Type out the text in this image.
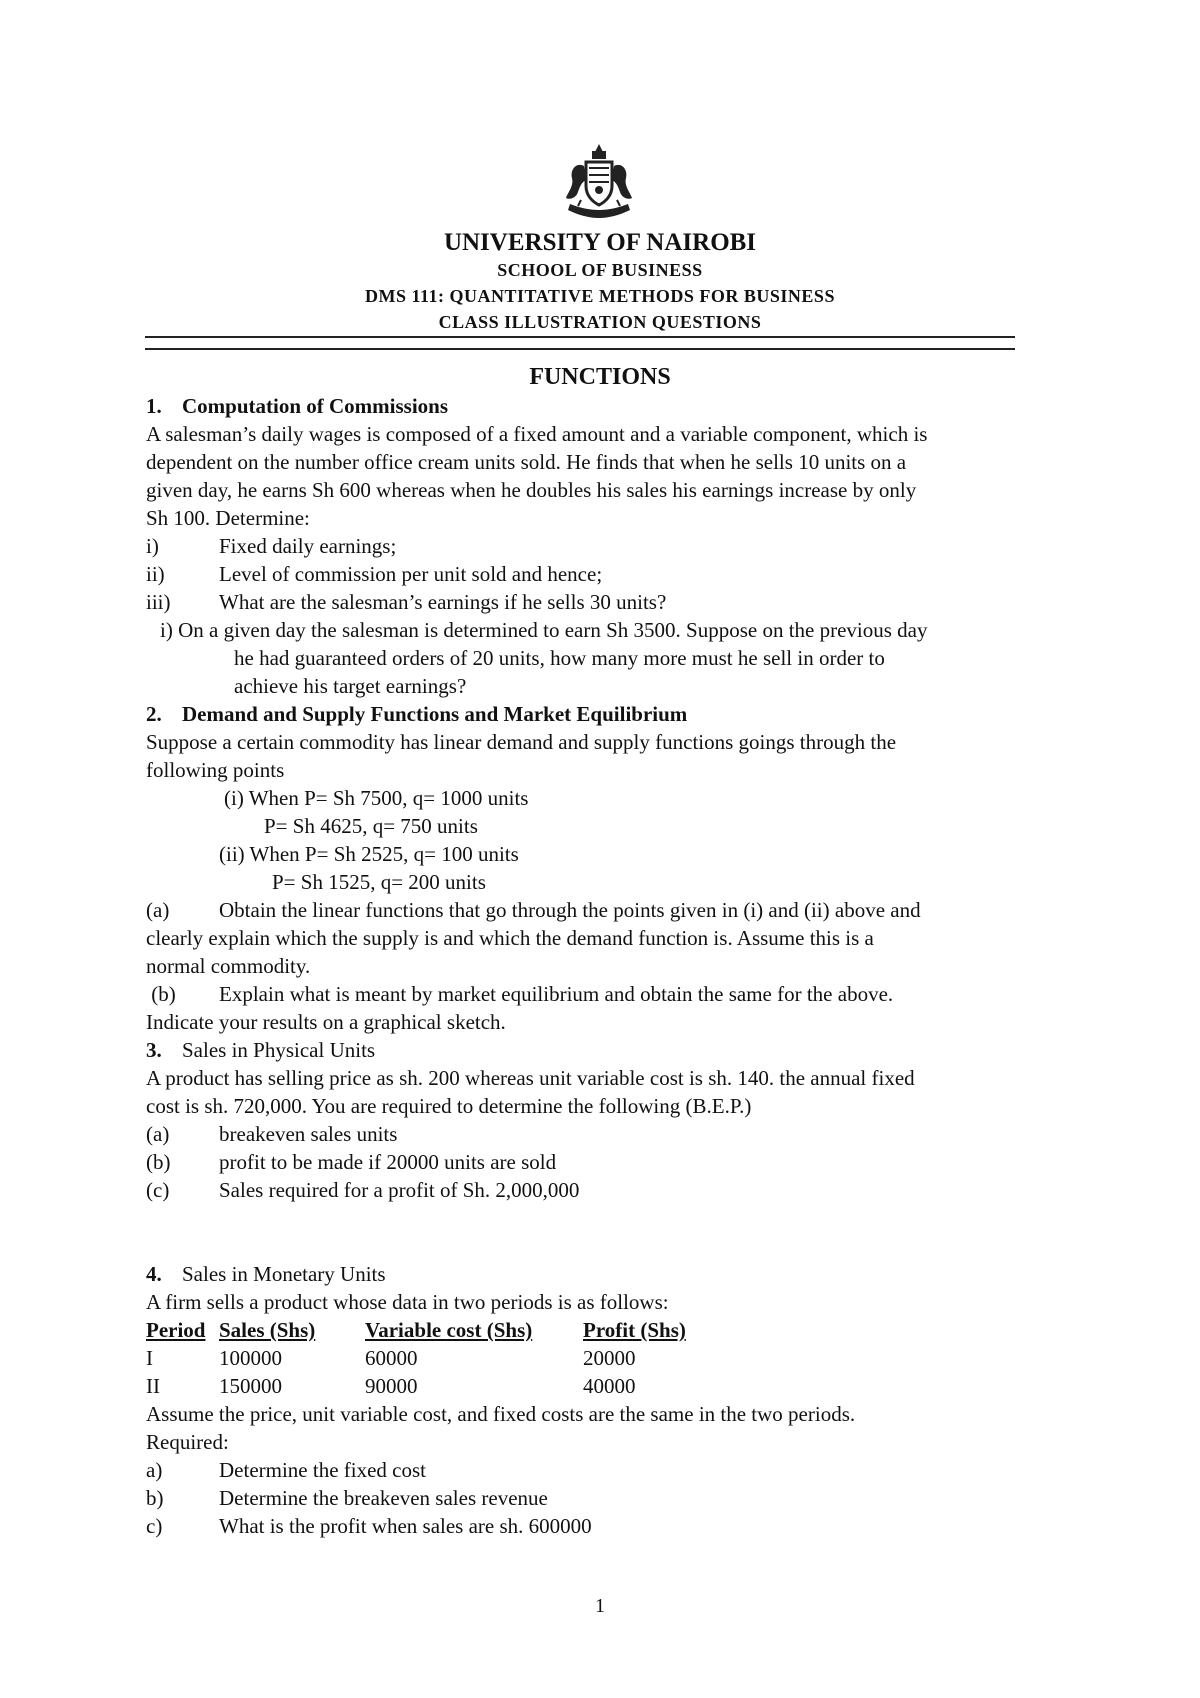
UNIVERSITY OF NAIROBI
SCHOOL OF BUSINESS
DMS 111: QUANTITATIVE METHODS FOR BUSINESS
CLASS ILLUSTRATION QUESTIONS
FUNCTIONS
1. Computation of Commissions
A salesman’s daily wages is composed of a fixed amount and a variable component, which is
dependent on the number office cream units sold. He finds that when he sells 10 units on a
given day, he earns Sh 600 whereas when he doubles his sales his earnings increase by only
Sh 100. Determine:
i)	Fixed daily earnings;
ii)	Level of commission per unit sold and hence;
iii) What are the salesman’s earnings if he sells 30 units?
i) On a given day the salesman is determined to earn Sh 3500. Suppose on the previous day
he had guaranteed orders of 20 units, how many more must he sell in order to
achieve his target earnings?
2. Demand and Supply Functions and Market Equilibrium
Suppose a certain commodity has linear demand and supply functions goings through the
following points
(i) When P= Sh 7500, q= 1000 units
P= Sh 4625, q= 750 units
(ii) When P= Sh 2525, q= 100 units
P= Sh 1525, q= 200 units
(a) Obtain the linear functions that go through the points given in (i) and (ii) above and
clearly explain which the supply is and which the demand function is. Assume this is a
normal commodity.
(b) Explain what is meant by market equilibrium and obtain the same for the above.
Indicate your results on a graphical sketch.
3. Sales in Physical Units
A product has selling price as sh. 200 whereas unit variable cost is sh. 140. the annual fixed
cost is sh. 720,000. You are required to determine the following (B.E.P.)
(a) breakeven sales units
(b) profit to be made if 20000 units are sold
(c) Sales required for a profit of Sh. 2,000,000
4. Sales in Monetary Units
A firm sells a product whose data in two periods is as follows:
Period Sales (Shs)	Variable cost (Shs)	Profit (Shs)
I	100000	60000	20000
II	150000	90000	40000
Assume the price, unit variable cost, and fixed costs are the same in the two periods.
Required:
a)	Determine the fixed cost
b)	Determine the breakeven sales revenue
c)	What is the profit when sales are sh. 600000
1
